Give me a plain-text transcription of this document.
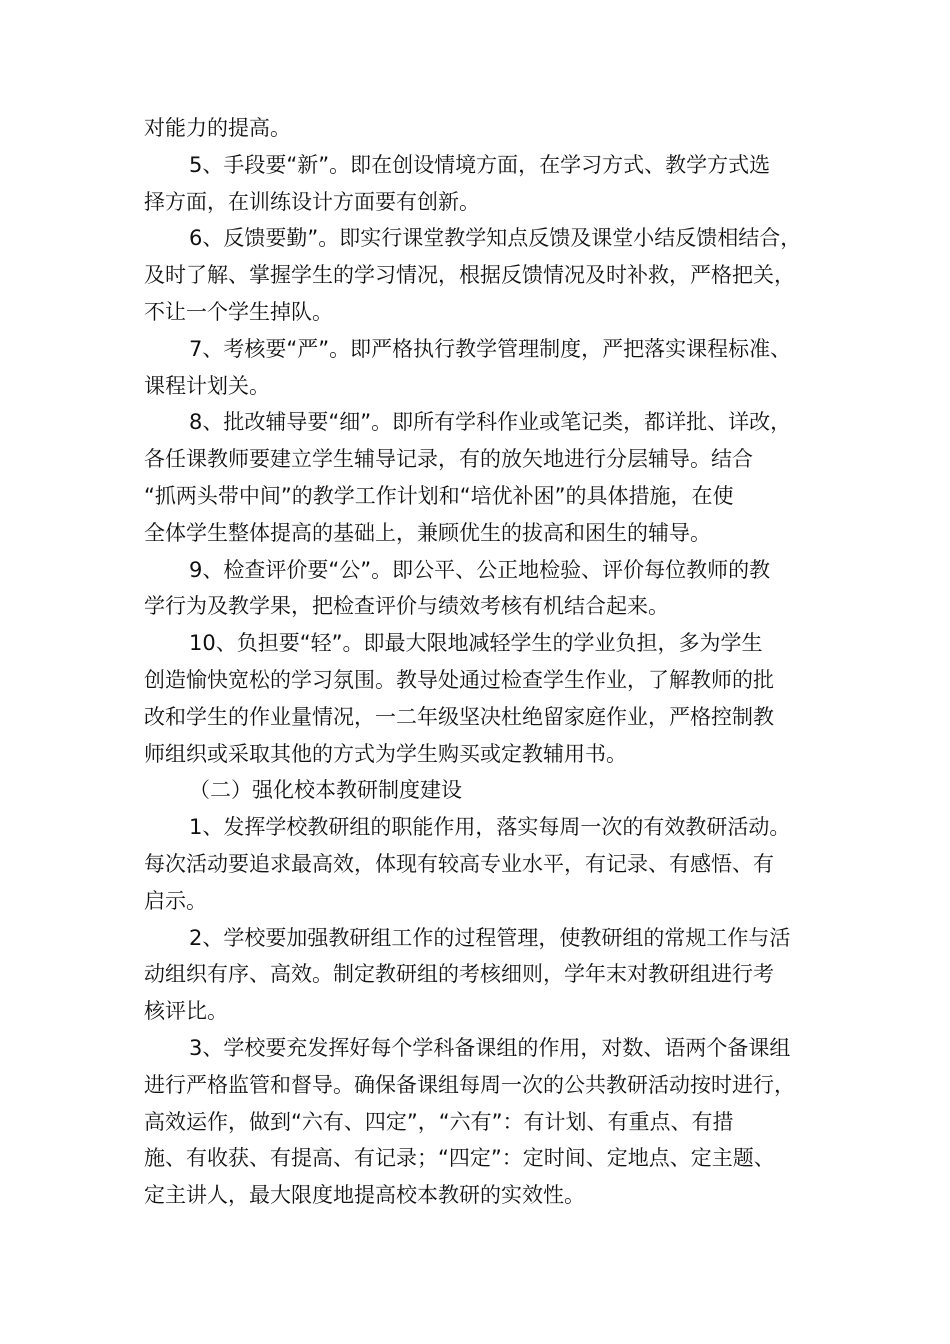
对能力的提高。
5、手段要“新”。即在创设情境方面，在学习方式、教学方式选
择方面，在训练设计方面要有创新。
6、反馈要勤”。即实行课堂教学知点反馈及课堂小结反馈相结合，
及时了解、掌握学生的学习情况，根据反馈情况及时补救，严格把关，
不让一个学生掉队。
7、考核要“严”。即严格执行教学管理制度，严把落实课程标准、
课程计划关。
8、批改辅导要“细”。即所有学科作业或笔记类，都详批、详改，
各任课教师要建立学生辅导记录，有的放矢地进行分层辅导。结合
“抓两头带中间”的教学工作计划和“培优补困”的具体措施，在使
全体学生整体提高的基础上，兼顾优生的拔高和困生的辅导。
9、检查评价要“公”。即公平、公正地检验、评价每位教师的教
学行为及教学果，把检查评价与绩效考核有机结合起来。
10、负担要“轻”。即最大限地减轻学生的学业负担，多为学生
创造愉快宽松的学习氛围。教导处通过检查学生作业，了解教师的批
改和学生的作业量情况，一二年级坚决杜绝留家庭作业，严格控制教
师组织或采取其他的方式为学生购买或定教辅用书。
（二）强化校本教研制度建设
1、发挥学校教研组的职能作用，落实每周一次的有效教研活动。
每次活动要追求最高效，体现有较高专业水平，有记录、有感悟、有
启示。
2、学校要加强教研组工作的过程管理，使教研组的常规工作与活
动组织有序、高效。制定教研组的考核细则，学年末对教研组进行考
核评比。
3、学校要充发挥好每个学科备课组的作用，对数、语两个备课组
进行严格监管和督导。确保备课组每周一次的公共教研活动按时进行，
高效运作，做到“六有、四定”，“六有”：有计划、有重点、有措
施、有收获、有提高、有记录；“四定”：定时间、定地点、定主题、
定主讲人，最大限度地提高校本教研的实效性。
